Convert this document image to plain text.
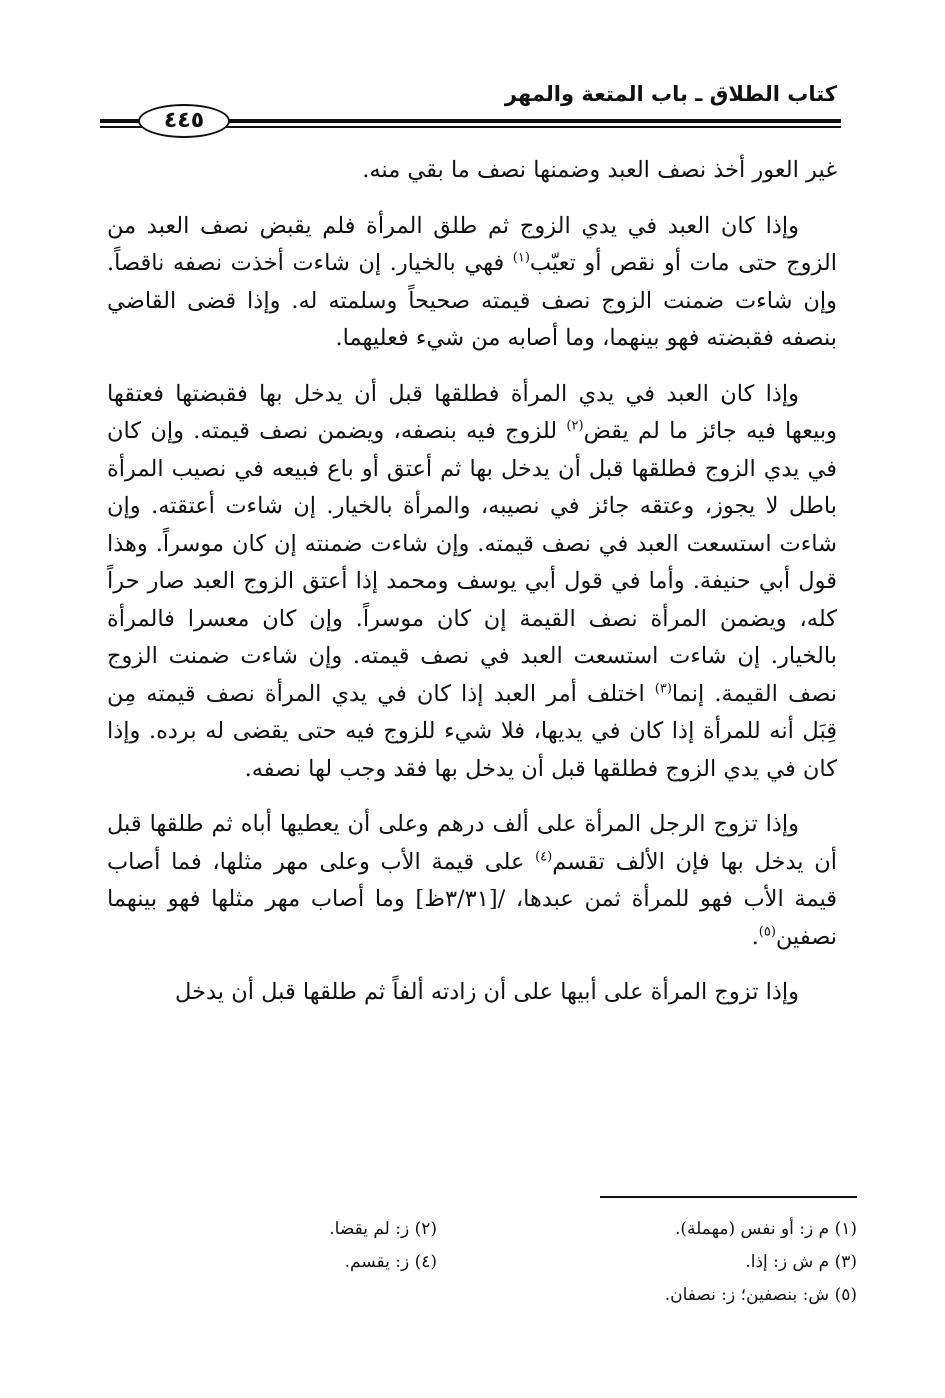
كتاب الطلاق ـ باب المتعة والمهر
٤٤٥

غير العور أخذ نصف العبد وضمنها نصف ما بقي منه.

وإذا كان العبد في يدي الزوج ثم طلق المرأة فلم يقبض نصف العبد من الزوج حتى مات أو نقص أو تعيّب$^{(١)}$ فهي بالخيار. إن شاءت أخذت نصفه ناقصاً. وإن شاءت ضمنت الزوج نصف قيمته صحيحاً وسلمته له. وإذا قضى القاضي بنصفه فقبضته فهو بينهما، وما أصابه من شيء فعليهما.

وإذا كان العبد في يدي المرأة فطلقها قبل أن يدخل بها فقبضتها فعتقها وبيعها فيه جائز ما لم يقض$^{(٢)}$ للزوج فيه بنصفه، ويضمن نصف قيمته. وإن كان في يدي الزوج فطلقها قبل أن يدخل بها ثم أعتق أو باع فبيعه في نصيب المرأة باطل لا يجوز، وعتقه جائز في نصيبه، والمرأة بالخيار. إن شاءت أعتقته. وإن شاءت استسعت العبد في نصف قيمته. وإن شاءت ضمنته إن كان موسراً. وهذا قول أبي حنيفة. وأما في قول أبي يوسف ومحمد إذا أعتق الزوج العبد صار حراً كله، ويضمن المرأة نصف القيمة إن كان موسراً. وإن كان معسرا فالمرأة بالخيار. إن شاءت استسعت العبد في نصف قيمته. وإن شاءت ضمنت الزوج نصف القيمة. إنما$^{(٣)}$ اختلف أمر العبد إذا كان في يدي المرأة نصف قيمته مِن قِبَل أنه للمرأة إذا كان في يديها، فلا شيء للزوج فيه حتى يقضى له برده. وإذا كان في يدي الزوج فطلقها قبل أن يدخل بها فقد وجب لها نصفه.

وإذا تزوج الرجل المرأة على ألف درهم وعلى أن يعطيها أباه ثم طلقها قبل أن يدخل بها فإن الألف تقسم$^{(٤)}$ على قيمة الأب وعلى مهر مثلها، فما أصاب قيمة الأب فهو للمرأة ثمن عبدها، /[٣/٣١ظ] وما أصاب مهر مثلها فهو بينهما نصفين$^{(٥)}$.

وإذا تزوج المرأة على أبيها على أن زادته ألفاً ثم طلقها قبل أن يدخل

(١) م ز: أو نفس (مهملة).
(٢) ز: لم يقضا.
(٣) م ش ز: إذا.
(٤) ز: يقسم.
(٥) ش: بنصفين؛ ز: نصفان.
